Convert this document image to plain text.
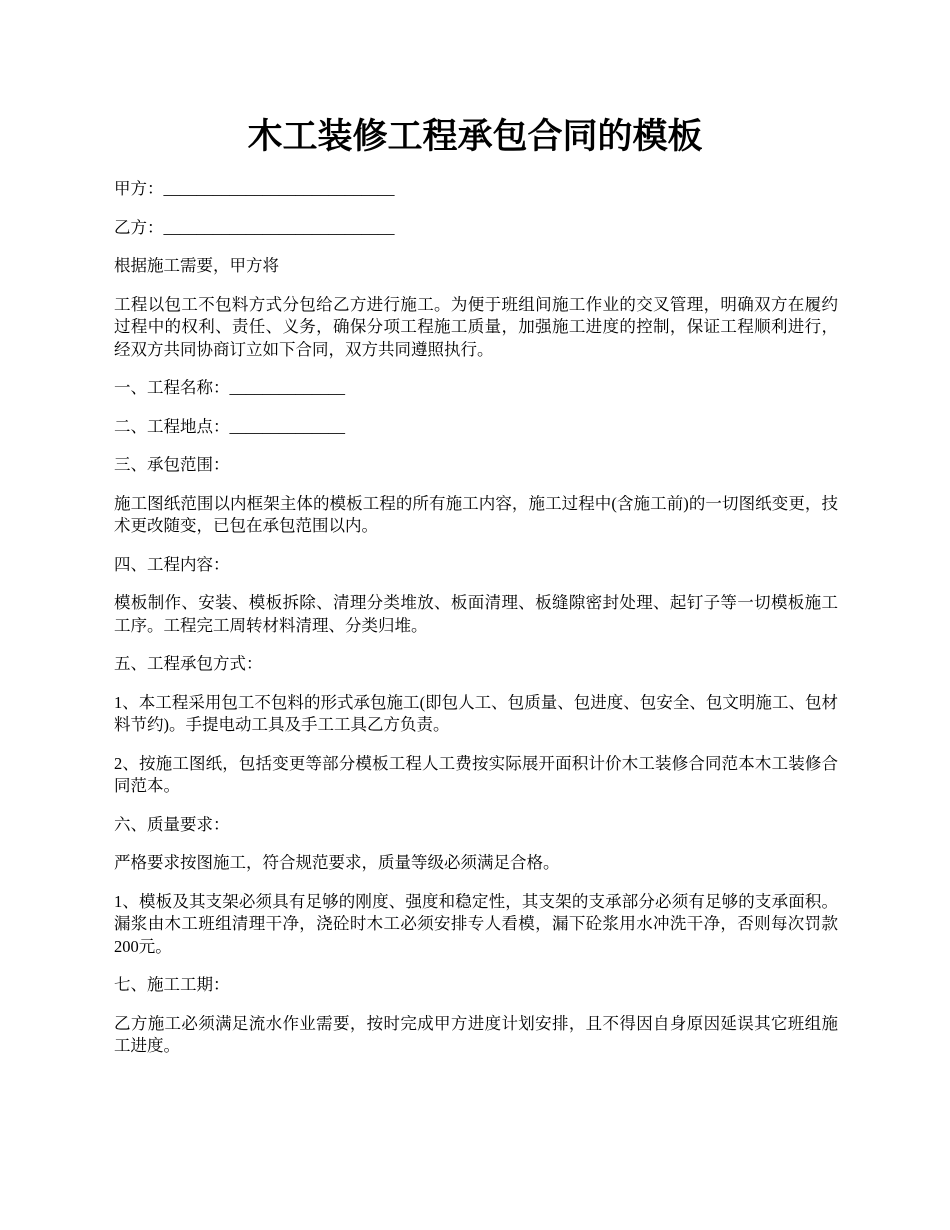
木工装修工程承包合同的模板

甲方：____________________________

乙方：____________________________

根据施工需要，甲方将

工程以包工不包料方式分包给乙方进行施工。为便于班组间施工作业的交叉管理，明确双方在履约过程中的权利、责任、义务，确保分项工程施工质量，加强施工进度的控制，保证工程顺利进行，经双方共同协商订立如下合同，双方共同遵照执行。

一、工程名称：______________

二、工程地点：______________

三、承包范围：

施工图纸范围以内框架主体的模板工程的所有施工内容，施工过程中(含施工前)的一切图纸变更，技术更改随变，已包在承包范围以内。

四、工程内容：

模板制作、安装、模板拆除、清理分类堆放、板面清理、板缝隙密封处理、起钉子等一切模板施工工序。工程完工周转材料清理、分类归堆。

五、工程承包方式：

1、本工程采用包工不包料的形式承包施工(即包人工、包质量、包进度、包安全、包文明施工、包材料节约)。手提电动工具及手工工具乙方负责。

2、按施工图纸，包括变更等部分模板工程人工费按实际展开面积计价木工装修合同范本木工装修合同范本。

六、质量要求：

严格要求按图施工，符合规范要求，质量等级必须满足合格。

1、模板及其支架必须具有足够的刚度、强度和稳定性，其支架的支承部分必须有足够的支承面积。漏浆由木工班组清理干净，浇砼时木工必须安排专人看模，漏下砼浆用水冲洗干净，否则每次罚款200元。

七、施工工期：

乙方施工必须满足流水作业需要，按时完成甲方进度计划安排，且不得因自身原因延误其它班组施工进度。
